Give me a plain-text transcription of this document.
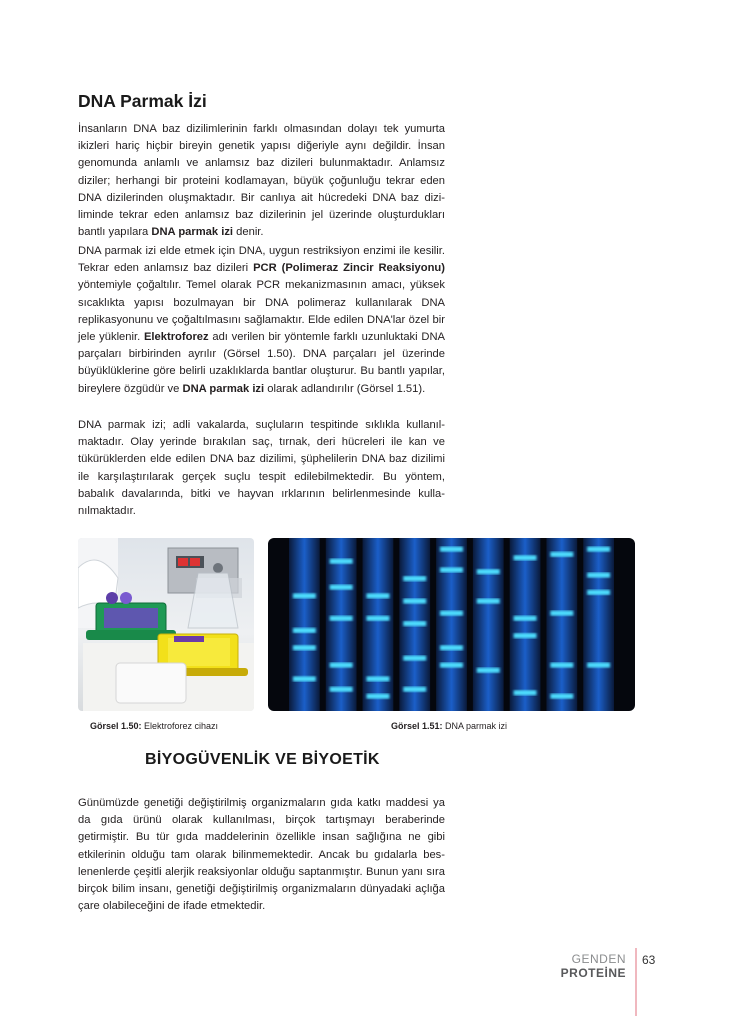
DNA Parmak İzi

İnsanların DNA baz dizilimlerinin farklı olmasından dolayı tek yumurta ikizleri hariç hiçbir bireyin genetik yapısı diğeriyle aynı değildir. İnsan genomunda anlamlı ve anlamsız baz dizileri bulunmaktadır. Anlamsız diziler; herhangi bir proteini kodlamayan, büyük çoğunluğu tekrar eden DNA dizilerinden oluşmaktadır. Bir canlıya ait hücredeki DNA baz diziliminde tekrar eden anlamsız baz dizilerinin jel üzerinde oluşturdukları bantlı yapılara DNA parmak izi denir.

DNA parmak izi elde etmek için DNA, uygun restriksiyon enzimi ile kesilir. Tekrar eden anlamsız baz dizileri PCR (Polimeraz Zincir Reaksiyonu) yöntemiyle çoğaltılır. Temel olarak PCR mekanizmasının amacı, yüksek sıcaklıkta yapısı bozulmayan bir DNA polimeraz kullanılarak DNA replikasyonunu ve çoğaltılmasını sağlamaktır. Elde edilen DNA'lar özel bir jele yüklenir. Elektroforez adı verilen bir yöntemle farklı uzunluktaki DNA parçaları birbirinden ayrılır (Görsel 1.50). DNA parçaları jel üzerinde büyüklüklerine göre belirli uzaklıklarda bantlar oluşturur. Bu bantlı yapılar, bireylere özgüdür ve DNA parmak izi olarak adlandırılır (Görsel 1.51).

DNA parmak izi; adli vakalarda, suçluların tespitinde sıklıkla kullanılmaktadır. Olay yerinde bırakılan saç, tırnak, deri hücreleri ile kan ve tükürüklerden elde edilen DNA baz dizilimi, şüphelilerin DNA baz dizilimi ile karşılaştırılarak gerçek suçlu tespit edilebilmektedir. Bu yöntem, babalık davalarında, bitki ve hayvan ırklarının belirlenmesinde kullanılmaktadır.

Görsel 1.50: Elektroforez cihazı	Görsel 1.51: DNA parmak izi
BİYOGÜVENLİK VE BİYOETİK

Günümüzde genetiği değiştirilmiş organizmaların gıda katkı maddesi ya da gıda ürünü olarak kullanılması, birçok tartışmayı beraberinde getirmiştir. Bu tür gıda maddelerinin özellikle insan sağlığına ne gibi etkilerinin olduğu tam olarak bilinmemektedir. Ancak bu gıdalarla beslenenlerde çeşitli alerjik reaksiyonlar olduğu saptanmıştır. Bunun yanı sıra birçok bilim insanı, genetiği değiştirilmiş organizmaların dünyadaki açlığa çare olabileceğini de ifade etmektedir.

GENDEN
PROTEİNE
63
